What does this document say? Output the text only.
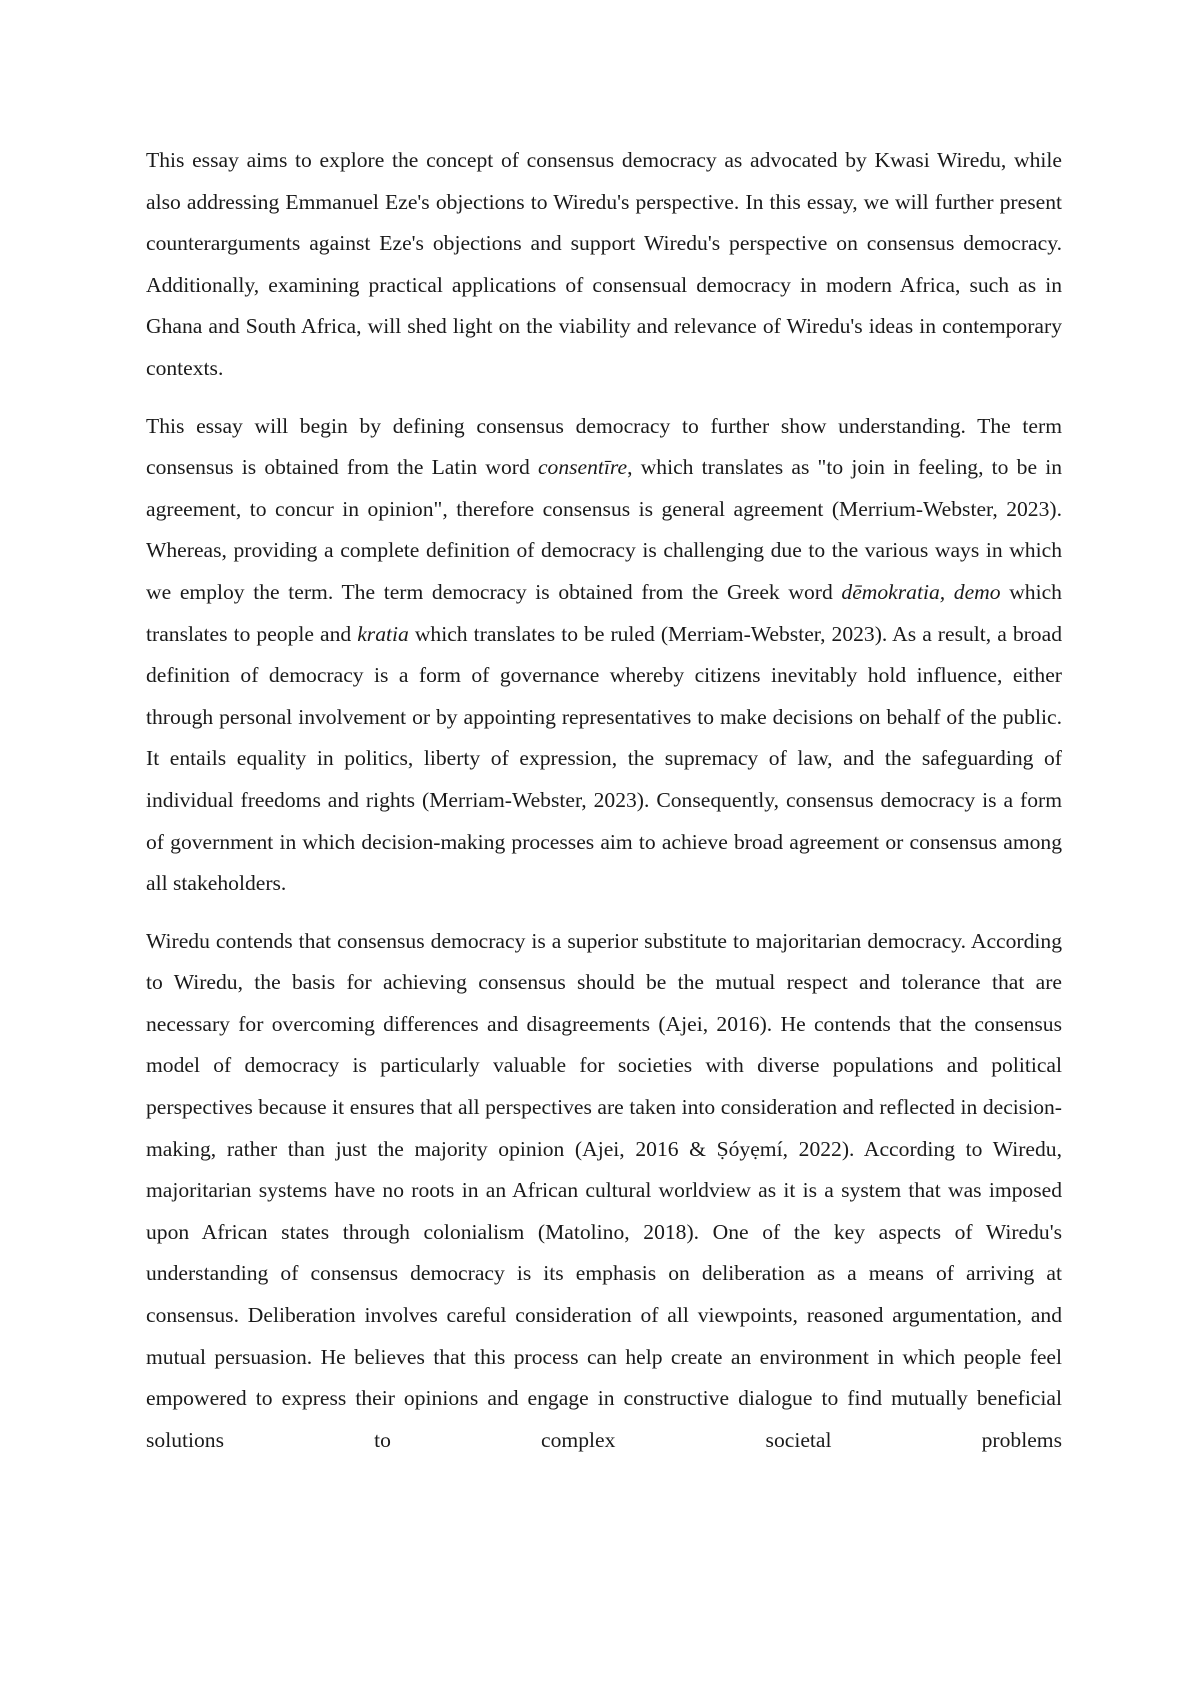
This essay aims to explore the concept of consensus democracy as advocated by Kwasi Wiredu, while also addressing Emmanuel Eze's objections to Wiredu's perspective. In this essay, we will further present counterarguments against Eze's objections and support Wiredu's perspective on consensus democracy. Additionally, examining practical applications of consensual democracy in modern Africa, such as in Ghana and South Africa, will shed light on the viability and relevance of Wiredu's ideas in contemporary contexts.

This essay will begin by defining consensus democracy to further show understanding. The term consensus is obtained from the Latin word consentīre, which translates as "to join in feeling, to be in agreement, to concur in opinion", therefore consensus is general agreement (Merrium-Webster, 2023). Whereas, providing a complete definition of democracy is challenging due to the various ways in which we employ the term. The term democracy is obtained from the Greek word dēmokratia, demo which translates to people and kratia which translates to be ruled (Merriam-Webster, 2023). As a result, a broad definition of democracy is a form of governance whereby citizens inevitably hold influence, either through personal involvement or by appointing representatives to make decisions on behalf of the public. It entails equality in politics, liberty of expression, the supremacy of law, and the safeguarding of individual freedoms and rights (Merriam-Webster, 2023). Consequently, consensus democracy is a form of government in which decision-making processes aim to achieve broad agreement or consensus among all stakeholders.

Wiredu contends that consensus democracy is a superior substitute to majoritarian democracy. According to Wiredu, the basis for achieving consensus should be the mutual respect and tolerance that are necessary for overcoming differences and disagreements (Ajei, 2016). He contends that the consensus model of democracy is particularly valuable for societies with diverse populations and political perspectives because it ensures that all perspectives are taken into consideration and reflected in decision-making, rather than just the majority opinion (Ajei, 2016 & Ṣóyẹmí, 2022). According to Wiredu, majoritarian systems have no roots in an African cultural worldview as it is a system that was imposed upon African states through colonialism (Matolino, 2018). One of the key aspects of Wiredu's understanding of consensus democracy is its emphasis on deliberation as a means of arriving at consensus. Deliberation involves careful consideration of all viewpoints, reasoned argumentation, and mutual persuasion. He believes that this process can help create an environment in which people feel empowered to express their opinions and engage in constructive dialogue to find mutually beneficial solutions to complex societal problems
